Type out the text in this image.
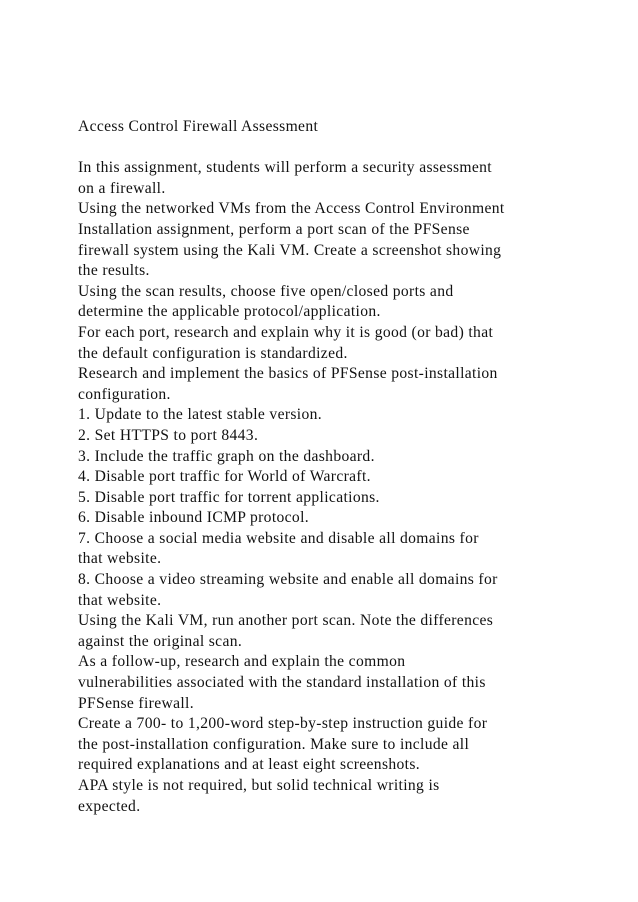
Access Control Firewall Assessment
In this assignment, students will perform a security assessment
on a firewall.
Using the networked VMs from the Access Control Environment
Installation assignment, perform a port scan of the PFSense
firewall system using the Kali VM. Create a screenshot showing
the results.
Using the scan results, choose five open/closed ports and
determine the applicable protocol/application.
For each port, research and explain why it is good (or bad) that
the default configuration is standardized.
Research and implement the basics of PFSense post-installation
configuration.
1. Update to the latest stable version.
2. Set HTTPS to port 8443.
3. Include the traffic graph on the dashboard.
4. Disable port traffic for World of Warcraft.
5. Disable port traffic for torrent applications.
6. Disable inbound ICMP protocol.
7. Choose a social media website and disable all domains for
that website.
8. Choose a video streaming website and enable all domains for
that website.
Using the Kali VM, run another port scan. Note the differences
against the original scan.
As a follow-up, research and explain the common
vulnerabilities associated with the standard installation of this
PFSense firewall.
Create a 700- to 1,200-word step-by-step instruction guide for
the post-installation configuration. Make sure to include all
required explanations and at least eight screenshots.
APA style is not required, but solid technical writing is
expected.
